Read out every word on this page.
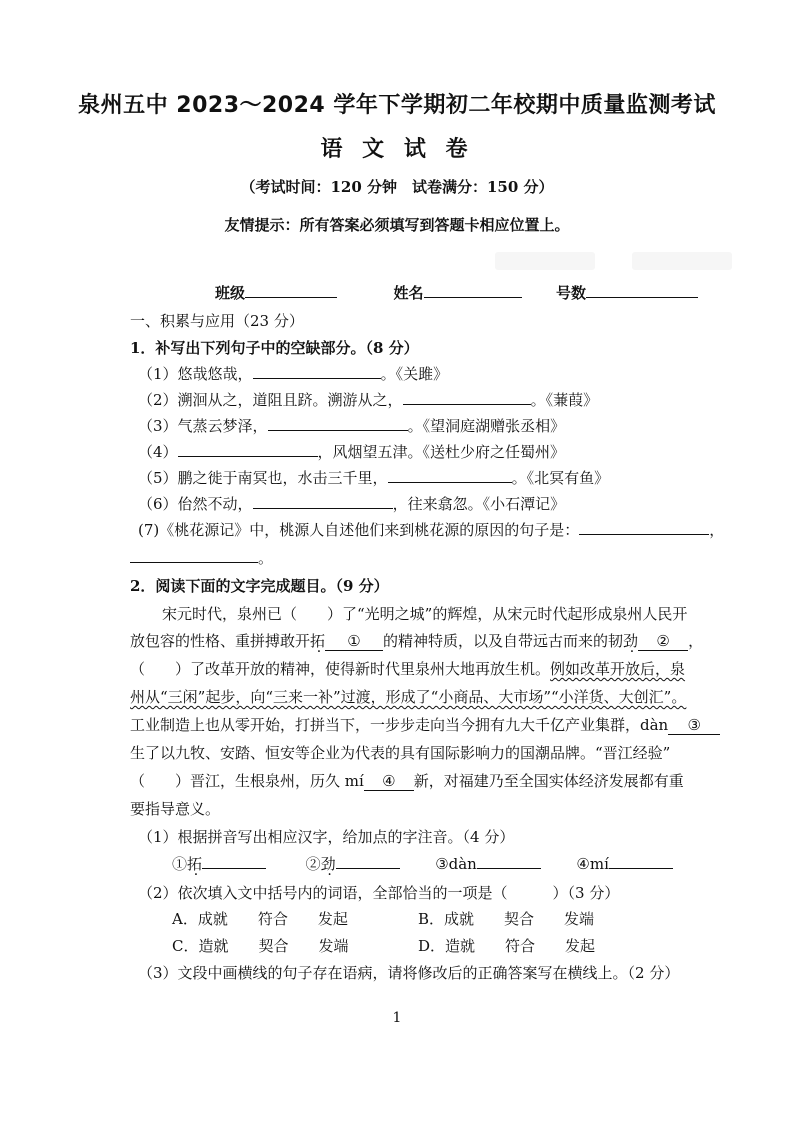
泉州五中 2023～2024 学年下学期初二年校期中质量监测考试
语 文 试 卷
（考试时间：120 分钟　试卷满分：150 分）
友情提示：所有答案必须填写到答题卡相应位置上。
班级	姓名	号数
一、积累与应用（23 分）
1．补写出下列句子中的空缺部分。（8 分）
（1）悠哉悠哉，	。《关雎》
（2）溯洄从之，道阻且跻。溯游从之，	。《蒹葭》
（3）气蒸云梦泽，	。《望洞庭湖赠张丞相》
（4）	，风烟望五津。《送杜少府之任蜀州》
（5）鹏之徙于南冥也，水击三千里，	。《北冥有鱼》
（6）佁然不动，	，往来翕忽。《小石潭记》
(7)《桃花源记》中，桃源人自述他们来到桃花源的原因的句子是：	，
。
2．阅读下面的文字完成题目。（9 分）
宋元时代，泉州已（　　）了“光明之城”的辉煌，从宋元时代起形成泉州人民开
放包容的性格、重拼搏敢开拓 ① 的精神特质，以及自带远古而来的韧劲 ② ，
（　　）了改革开放的精神，使得新时代里泉州大地再放生机。例如改革开放后，泉
州从“三闲”起步，向“三来一补”过渡，形成了“小商品、大市场”“小洋货、大创汇”。
工业制造上也从零开始，打拼当下，一步步走向当今拥有九大千亿产业集群，dàn ③
生了以九牧、安踏、恒安等企业为代表的具有国际影响力的国潮品牌。“晋江经验”
（　　）晋江，生根泉州，历久 mí ④ 新，对福建乃至全国实体经济发展都有重
要指导意义。
（1）根据拼音写出相应汉字，给加点的字注音。（4 分）
①拓	②劲	③dàn	④mí
（2）依次填入文中括号内的词语，全部恰当的一项是（　　　）（3 分）
A．成就　　符合　　发起	B．成就　　契合　　发端
C．造就　　契合　　发端	D．造就　　符合　　发起
（3）文段中画横线的句子存在语病，请将修改后的正确答案写在横线上。（2 分）
1
